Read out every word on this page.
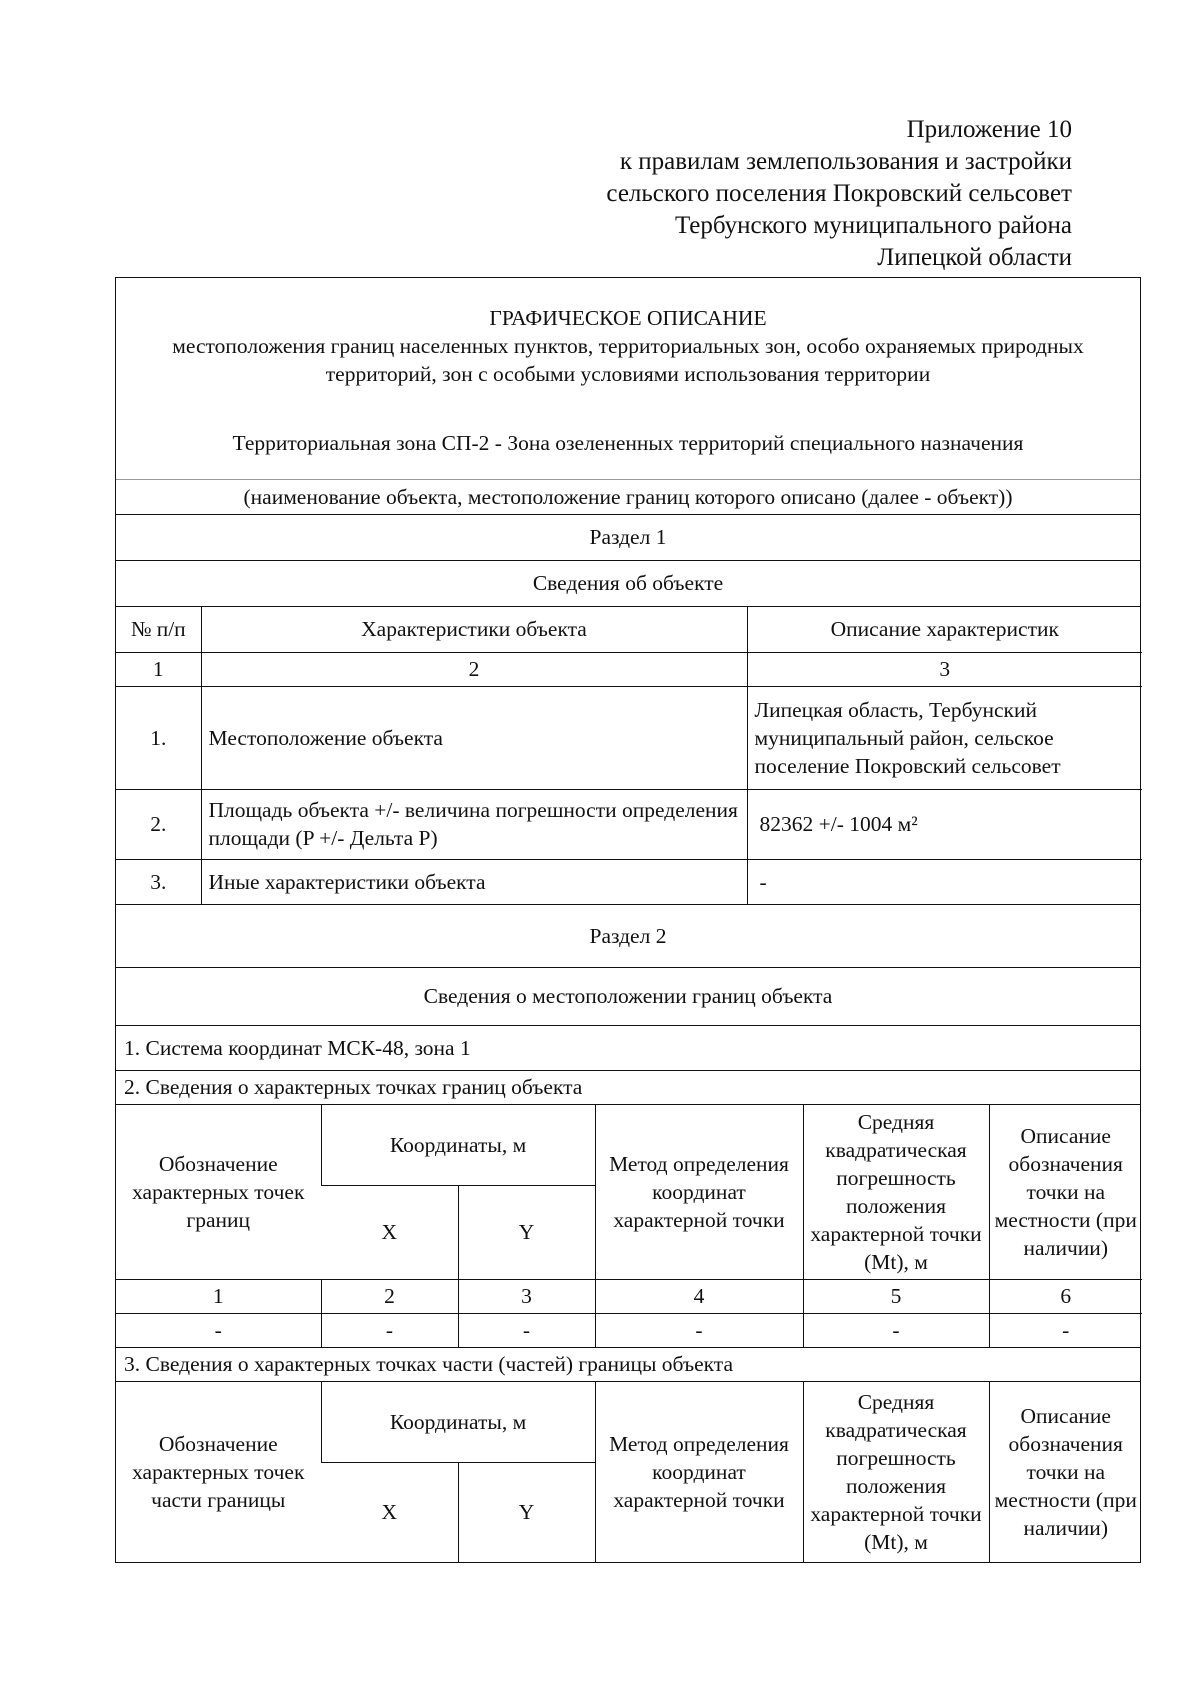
Приложение 10
к правилам землепользования и застройки
сельского поселения Покровский сельсовет
Тербунского муниципального района
Липецкой области
ГРАФИЧЕСКОЕ ОПИСАНИЕ
местоположения границ населенных пунктов, территориальных зон, особо охраняемых природных территорий, зон с особыми условиями использования территории
Территориальная зона СП-2 - Зона озелененных территорий специального назначения
(наименование объекта, местоположение границ которого описано (далее - объект))
Раздел 1
Сведения об объекте
№ п/п	Характеристики объекта	Описание характеристик
1	2	3
1.	Местоположение объекта	Липецкая область, Тербунский муниципальный район, сельское поселение Покровский сельсовет
2.	Площадь объекта +/- величина погрешности определения площади (P +/- Дельта P)	82362 +/- 1004 м²
3.	Иные характеристики объекта	-
Раздел 2
Сведения о местоположении границ объекта
1. Система координат МСК-48, зона 1
2. Сведения о характерных точках границ объекта
Обозначение характерных точек границ	Координаты, м		Метод определения координат характерной точки	Средняя квадратическая погрешность положения характерной точки (Mt), м	Описание обозначения точки на местности (при наличии)
	X	Y			
1	2	3	4	5	6
-	-	-	-	-	-
3. Сведения о характерных точках части (частей) границы объекта
Обозначение характерных точек части границы	Координаты, м		Метод определения координат характерной точки	Средняя квадратическая погрешность положения характерной точки (Mt), м	Описание обозначения точки на местности (при наличии)
	X	Y			
